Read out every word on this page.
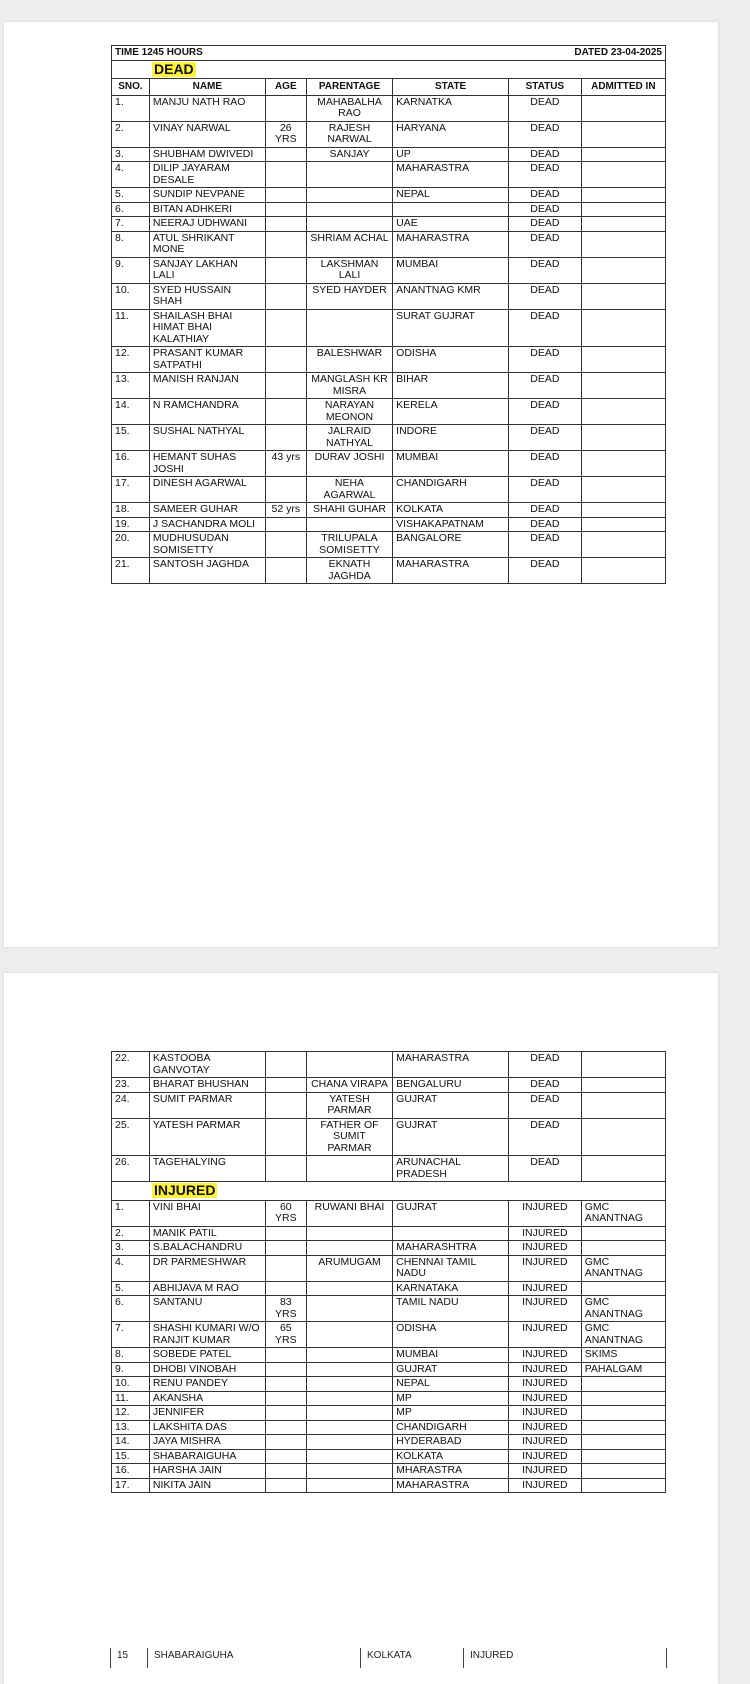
TIME 1245 HOURS				DATED 23-04-2025		
DEAD						
SNO.	NAME	AGE	PARENTAGE	STATE	STATUS	ADMITTED IN
1.	MANJU NATH RAO		MAHABALHA RAO	KARNATKA	DEAD	
2.	VINAY NARWAL	26 YRS	RAJESH NARWAL	HARYANA	DEAD	
3.	SHUBHAM DWIVEDI		SANJAY	UP	DEAD	
4.	DILIP JAYARAM DESALE			MAHARASTRA	DEAD	
5.	SUNDIP NEVPANE			NEPAL	DEAD	
6.	BITAN ADHKERI				DEAD	
7.	NEERAJ UDHWANI			UAE	DEAD	
8.	ATUL SHRIKANT MONE		SHRIAM ACHAL	MAHARASTRA	DEAD	
9.	SANJAY LAKHAN LALI		LAKSHMAN LALI	MUMBAI	DEAD	
10.	SYED HUSSAIN SHAH		SYED HAYDER	ANANTNAG KMR	DEAD	
11.	SHAILASH BHAI HIMAT BHAI KALATHIAY			SURAT GUJRAT	DEAD	
12.	PRASANT KUMAR SATPATHI		BALESHWAR	ODISHA	DEAD	
13.	MANISH RANJAN		MANGLASH KR MISRA	BIHAR	DEAD	
14.	N RAMCHANDRA		NARAYAN MEONON	KERELA	DEAD	
15.	SUSHAL NATHYAL		JALRAID NATHYAL	INDORE	DEAD	
16.	HEMANT SUHAS JOSHI	43 yrs	DURAV JOSHI	MUMBAI	DEAD	
17.	DINESH AGARWAL		NEHA AGARWAL	CHANDIGARH	DEAD	
18.	SAMEER GUHAR	52 yrs	SHAHI GUHAR	KOLKATA	DEAD	
19.	J SACHANDRA MOLI			VISHAKAPATNAM	DEAD	
20.	MUDHUSUDAN SOMISETTY		TRILUPALA SOMISETTY	BANGALORE	DEAD	
21.	SANTOSH JAGHDA		EKNATH JAGHDA	MAHARASTRA	DEAD	
22.	KASTOOBA GANVOTAY			MAHARASTRA	DEAD	
23.	BHARAT BHUSHAN		CHANA VIRAPA	BENGALURU	DEAD	
24.	SUMIT PARMAR		YATESH PARMAR	GUJRAT	DEAD	
25.	YATESH PARMAR		FATHER OF SUMIT PARMAR	GUJRAT	DEAD	
26.	TAGEHALYING			ARUNACHAL PRADESH	DEAD	
INJURED						
1.	VINI BHAI	60 YRS	RUWANI BHAI	GUJRAT	INJURED	GMC ANANTNAG
2.	MANIK PATIL				INJURED	
3.	S.BALACHANDRU			MAHARASHTRA	INJURED	
4.	DR PARMESHWAR		ARUMUGAM	CHENNAI TAMIL NADU	INJURED	GMC ANANTNAG
5.	ABHIJAVA M RAO			KARNATAKA	INJURED	
6.	SANTANU	83 YRS		TAMIL NADU	INJURED	GMC ANANTNAG
7.	SHASHI KUMARI W/O RANJIT KUMAR	65 YRS		ODISHA	INJURED	GMC ANANTNAG
8.	SOBEDE PATEL			MUMBAI	INJURED	SKIMS
9.	DHOBI VINOBAH			GUJRAT	INJURED	PAHALGAM
10.	RENU PANDEY			NEPAL	INJURED	
11.	AKANSHA			MP	INJURED	
12.	JENNIFER			MP	INJURED	
13.	LAKSHITA DAS			CHANDIGARH	INJURED	
14.	JAYA MISHRA			HYDERABAD	INJURED	
15.	SHABARAIGUHA			KOLKATA	INJURED	
16.	HARSHA JAIN			MHARASTRA	INJURED	
17.	NIKITA JAIN			MAHARASTRA	INJURED	
15	SHABARAIGUHA	KOLKATA	INJURED
